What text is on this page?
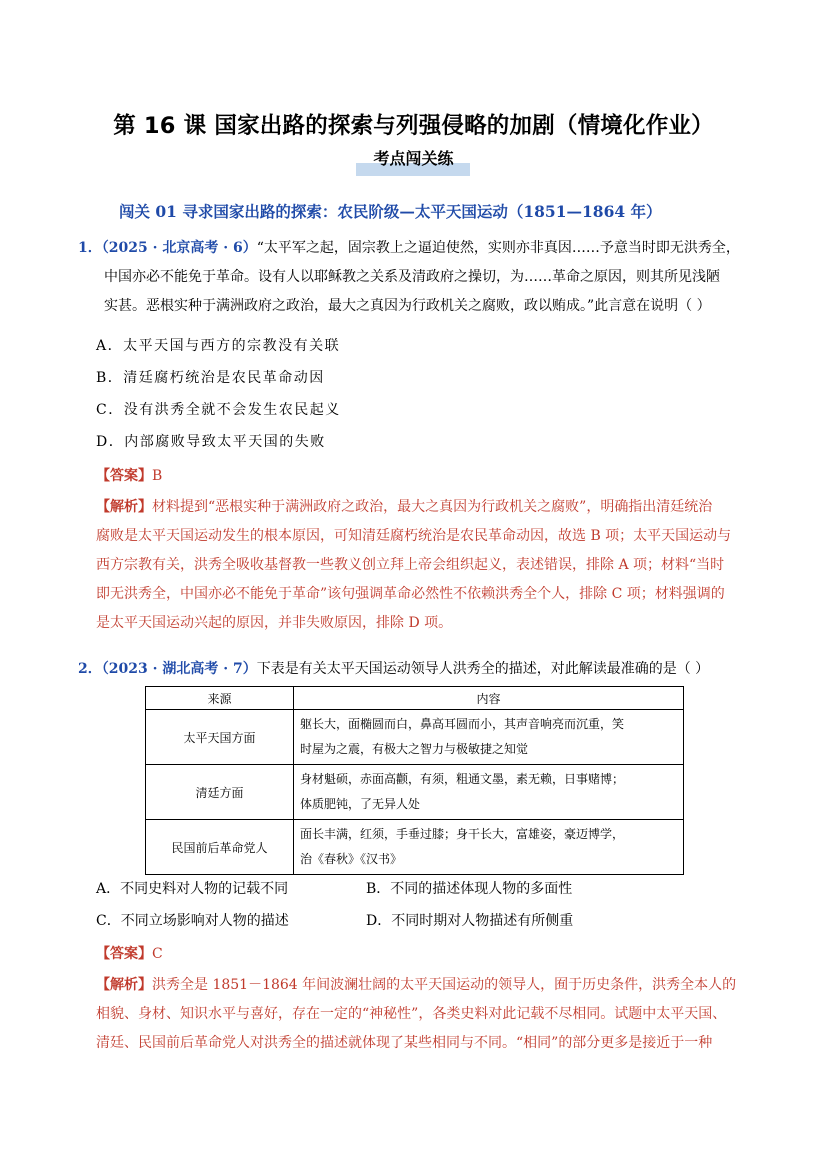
第 16 课 国家出路的探索与列强侵略的加剧（情境化作业）
考点闯关练
闯关 01 寻求国家出路的探索：农民阶级—太平天国运动（1851—1864 年）
1．（2025 · 北京高考 · 6）“太平军之起，固宗教上之逼迫使然，实则亦非真因……予意当时即无洪秀全，
中国亦必不能免于革命。设有人以耶稣教之关系及清政府之操切，为……革命之原因，则其所见浅陋
实甚。恶根实种于满洲政府之政治，最大之真因为行政机关之腐败，政以贿成。”此言意在说明（ ）
A．太平天国与西方的宗教没有关联
B．清廷腐朽统治是农民革命动因
C．没有洪秀全就不会发生农民起义
D．内部腐败导致太平天国的失败
【答案】B
【解析】材料提到“恶根实种于满洲政府之政治，最大之真因为行政机关之腐败”，明确指出清廷统治
腐败是太平天国运动发生的根本原因，可知清廷腐朽统治是农民革命动因，故选 B 项；太平天国运动与
西方宗教有关，洪秀全吸收基督教一些教义创立拜上帝会组织起义，表述错误，排除 A 项；材料“当时
即无洪秀全，中国亦必不能免于革命”该句强调革命必然性不依赖洪秀全个人，排除 C 项；材料强调的
是太平天国运动兴起的原因，并非失败原因，排除 D 项。
2．（2023 · 湖北高考 · 7）下表是有关太平天国运动领导人洪秀全的描述，对此解读最准确的是（ ）
来源	内容
太平天国方面	躯长大，面椭圆而白，鼻高耳圆而小，其声音响亮而沉重，笑
时屋为之震，有极大之智力与极敏捷之知觉
清廷方面	身材魁硕，赤面高颧，有须，粗通文墨，素无赖，日事赌博；
体质肥钝，了无异人处
民国前后革命党人	面长丰满，红须，手垂过膝；身干长大，富雄姿，豪迈博学，
治《春秋》《汉书》
A．不同史料对人物的记载不同	B．不同的描述体现人物的多面性
C．不同立场影响对人物的描述	D．不同时期对人物描述有所侧重
【答案】C
【解析】洪秀全是 1851－1864 年间波澜壮阔的太平天国运动的领导人，囿于历史条件，洪秀全本人的
相貌、身材、知识水平与喜好，存在一定的“神秘性”，各类史料对此记载不尽相同。试题中太平天国、
清廷、民国前后革命党人对洪秀全的描述就体现了某些相同与不同。“相同”的部分更多是接近于一种
